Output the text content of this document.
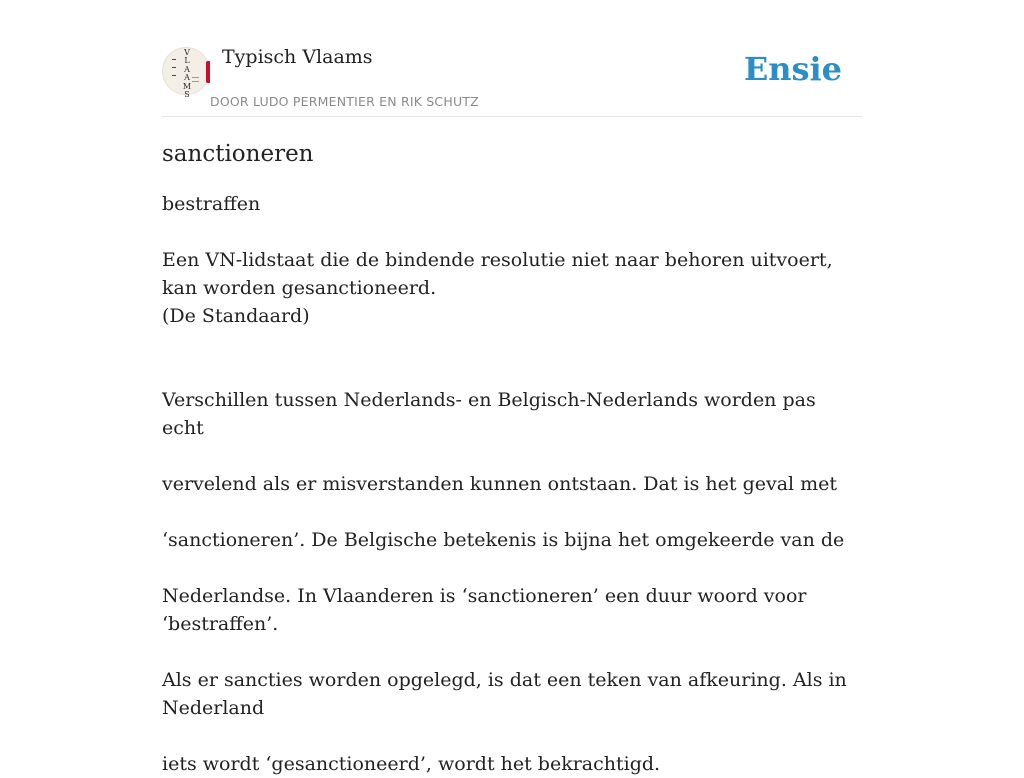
V
L
A
A
M
S
Typisch Vlaams
DOOR LUDO PERMENTIER EN RIK SCHUTZ
Ensie
sanctioneren

bestraffen

Een VN-lidstaat die de bindende resolutie niet naar behoren uitvoert, kan worden gesanctioneerd.
(De Standaard)

Verschillen tussen Nederlands- en Belgisch-Nederlands worden pas echt

vervelend als er misverstanden kunnen ontstaan. Dat is het geval met

‘sanctioneren’. De Belgische betekenis is bijna het omgekeerde van de

Nederlandse. In Vlaanderen is ‘sanctioneren’ een duur woord voor ‘bestraffen’.

Als er sancties worden opgelegd, is dat een teken van afkeuring. Als in Nederland

iets wordt ‘gesanctioneerd’, wordt het bekrachtigd.
